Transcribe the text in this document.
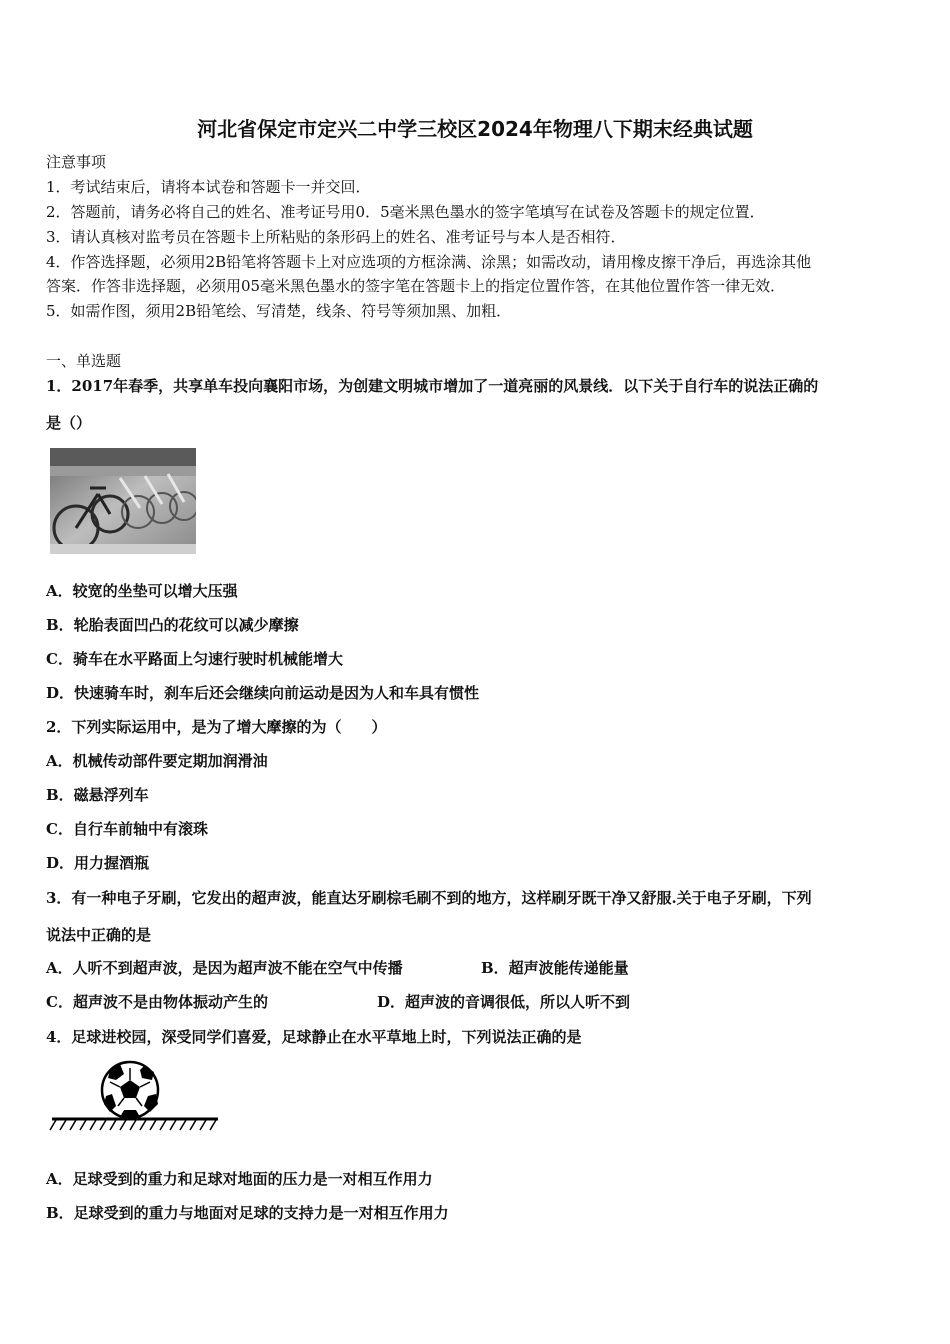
河北省保定市定兴二中学三校区2024年物理八下期末经典试题
注意事项
1．考试结束后，请将本试卷和答题卡一并交回．
2．答题前，请务必将自己的姓名、准考证号用0．5毫米黑色墨水的签字笔填写在试卷及答题卡的规定位置．
3．请认真核对监考员在答题卡上所粘贴的条形码上的姓名、准考证号与本人是否相符．
4．作答选择题，必须用2B铅笔将答题卡上对应选项的方框涂满、涂黑；如需改动，请用橡皮擦干净后，再选涂其他
答案．作答非选择题，必须用05毫米黑色墨水的签字笔在答题卡上的指定位置作答，在其他位置作答一律无效．
5．如需作图，须用2B铅笔绘、写清楚，线条、符号等须加黑、加粗．
一、单选题
1．2017年春季，共享单车投向襄阳市场，为创建文明城市增加了一道亮丽的风景线．以下关于自行车的说法正确的
是（）
A．较宽的坐垫可以增大压强
B．轮胎表面凹凸的花纹可以减少摩擦
C．骑车在水平路面上匀速行驶时机械能增大
D．快速骑车时，刹车后还会继续向前运动是因为人和车具有惯性
2．下列实际运用中，是为了增大摩擦的为（　　）
A．机械传动部件要定期加润滑油
B．磁悬浮列车
C．自行车前轴中有滚珠
D．用力握酒瓶
3．有一种电子牙刷，它发出的超声波，能直达牙刷棕毛刷不到的地方，这样刷牙既干净又舒服.关于电子牙刷，下列
说法中正确的是
A．人听不到超声波，是因为超声波不能在空气中传播	B．超声波能传递能量
C．超声波不是由物体振动产生的	D．超声波的音调很低，所以人听不到
4．足球进校园，深受同学们喜爱，足球静止在水平草地上时，下列说法正确的是
A．足球受到的重力和足球对地面的压力是一对相互作用力
B．足球受到的重力与地面对足球的支持力是一对相互作用力
